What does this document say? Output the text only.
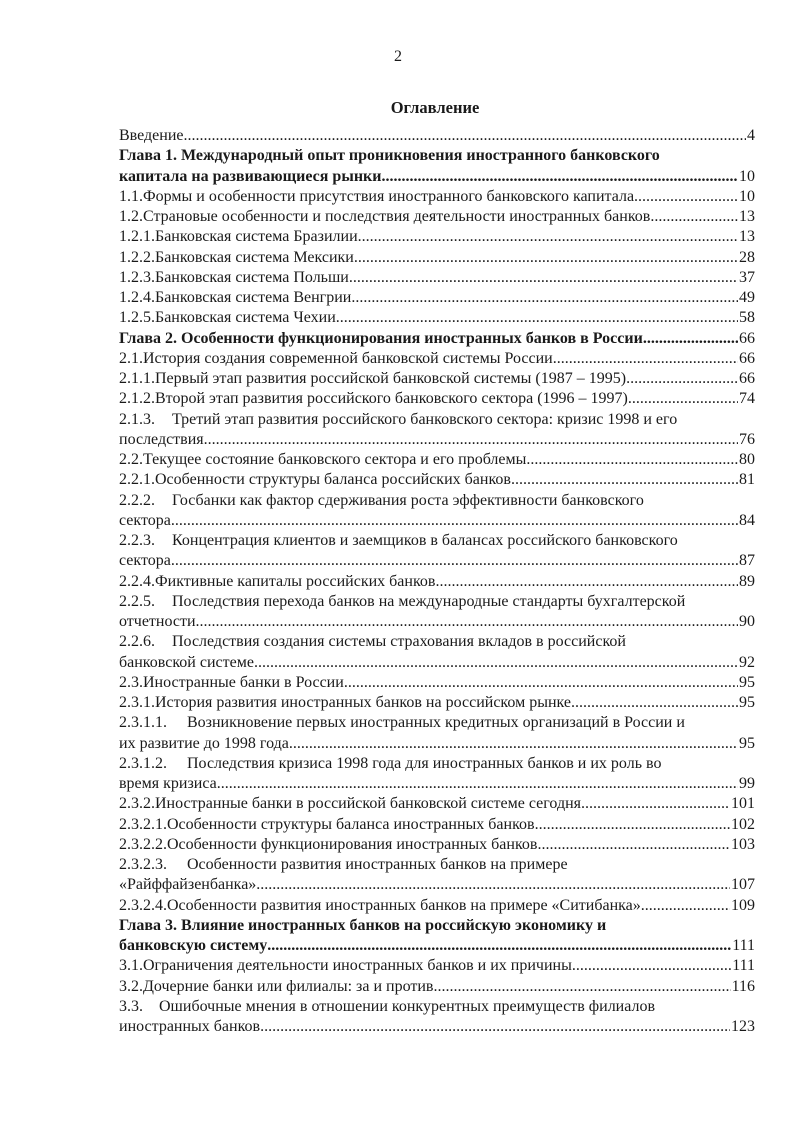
2
Оглавление
Введение .....	4
Глава 1. Международный опыт проникновения иностранного банковского
капитала на развивающиеся рынки .....	10
1.1. Формы и особенности присутствия иностранного банковского капитала .....	10
1.2. Страновые особенности и последствия деятельности иностранных банков .....	13
1.2.1. Банковская система Бразилии .....	13
1.2.2. Банковская система Мексики .....	28
1.2.3. Банковская система Польши .....	37
1.2.4. Банковская система Венгрии .....	49
1.2.5. Банковская система Чехии .....	58
Глава 2. Особенности функционирования иностранных банков в России .....	66
2.1. История создания современной банковской системы России .....	66
2.1.1. Первый этап развития российской банковской системы (1987 – 1995) .....	66
2.1.2. Второй этап развития российского банковского сектора (1996 – 1997) .....	74
2.1.3.	Третий этап развития российского банковского сектора: кризис 1998 и его
последствия. .....	76
2.2. Текущее состояние банковского сектора и его проблемы .....	80
2.2.1. Особенности структуры баланса российских банков .....	81
2.2.2.	Госбанки как фактор сдерживания роста эффективности банковского
сектора .....	84
2.2.3.	Концентрация клиентов и заемщиков в балансах российского банковского
сектора .....	87
2.2.4. Фиктивные капиталы российских банков .....	89
2.2.5.	Последствия перехода банков на международные стандарты бухгалтерской
отчетности .....	90
2.2.6.	Последствия создания системы страхования вкладов в российской
банковской системе .....	92
2.3. Иностранные банки в России .....	95
2.3.1. История развития иностранных банков на российском рынке .....	95
2.3.1.1.	Возникновение первых иностранных кредитных организаций в России и
их развитие до 1998 года .....	95
2.3.1.2.	Последствия кризиса 1998 года для иностранных банков и их роль во
время кризиса .....	99
2.3.2. Иностранные банки в российской банковской системе сегодня .....	101
2.3.2.1. Особенности структуры баланса иностранных банков .....	102
2.3.2.2. Особенности функционирования иностранных банков .....	103
2.3.2.3.	Особенности развития иностранных банков на примере
«Райффайзенбанка» .....	107
2.3.2.4. Особенности развития иностранных банков на примере «Ситибанка» .....	109
Глава 3. Влияние иностранных банков на российскую экономику и
банковскую систему .....	111
3.1. Ограничения деятельности иностранных банков и их причины .....	111
3.2. Дочерние банки или филиалы: за и против .....	116
3.3.	Ошибочные мнения в отношении конкурентных преимуществ филиалов
иностранных банков .....	123
